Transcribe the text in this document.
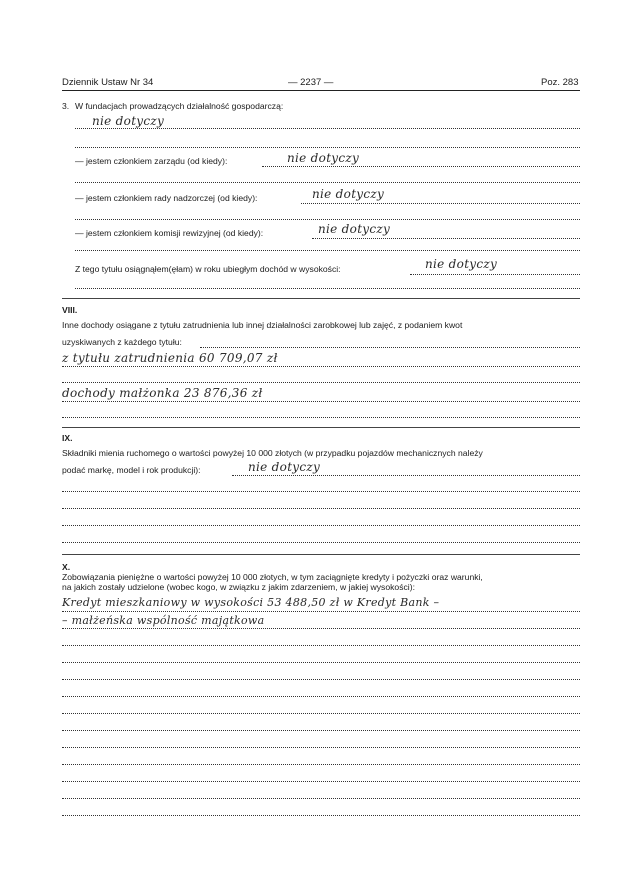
Dziennik Ustaw Nr 34	— 2237 —	Poz. 283
3. W fundacjach prowadzących działalność gospodarczą:
nie dotyczy
— jestem członkiem zarządu (od kiedy):	nie dotyczy
— jestem członkiem rady nadzorczej (od kiedy):	nie dotyczy
— jestem członkiem komisji rewizyjnej (od kiedy):	nie dotyczy
Z tego tytułu osiągnąłem(ęłam) w roku ubiegłym dochód w wysokości:	nie dotyczy
VIII.
Inne dochody osiągane z tytułu zatrudnienia lub innej działalności zarobkowej lub zajęć, z podaniem kwot
uzyskiwanych z każdego tytułu:
z tytułu zatrudnienia 60 709,07 zł
dochody małżonka 23 876,36 zł
IX.
Składniki mienia ruchomego o wartości powyżej 10 000 złotych (w przypadku pojazdów mechanicznych należy
podać markę, model i rok produkcji):	nie dotyczy
X.
Zobowiązania pieniężne o wartości powyżej 10 000 złotych, w tym zaciągnięte kredyty i pożyczki oraz warunki,
na jakich zostały udzielone (wobec kogo, w związku z jakim zdarzeniem, w jakiej wysokości):
Kredyt mieszkaniowy w wysokości 53 488,50 zł w Kredyt Bank –
– małżeńska wspólność majątkowa
